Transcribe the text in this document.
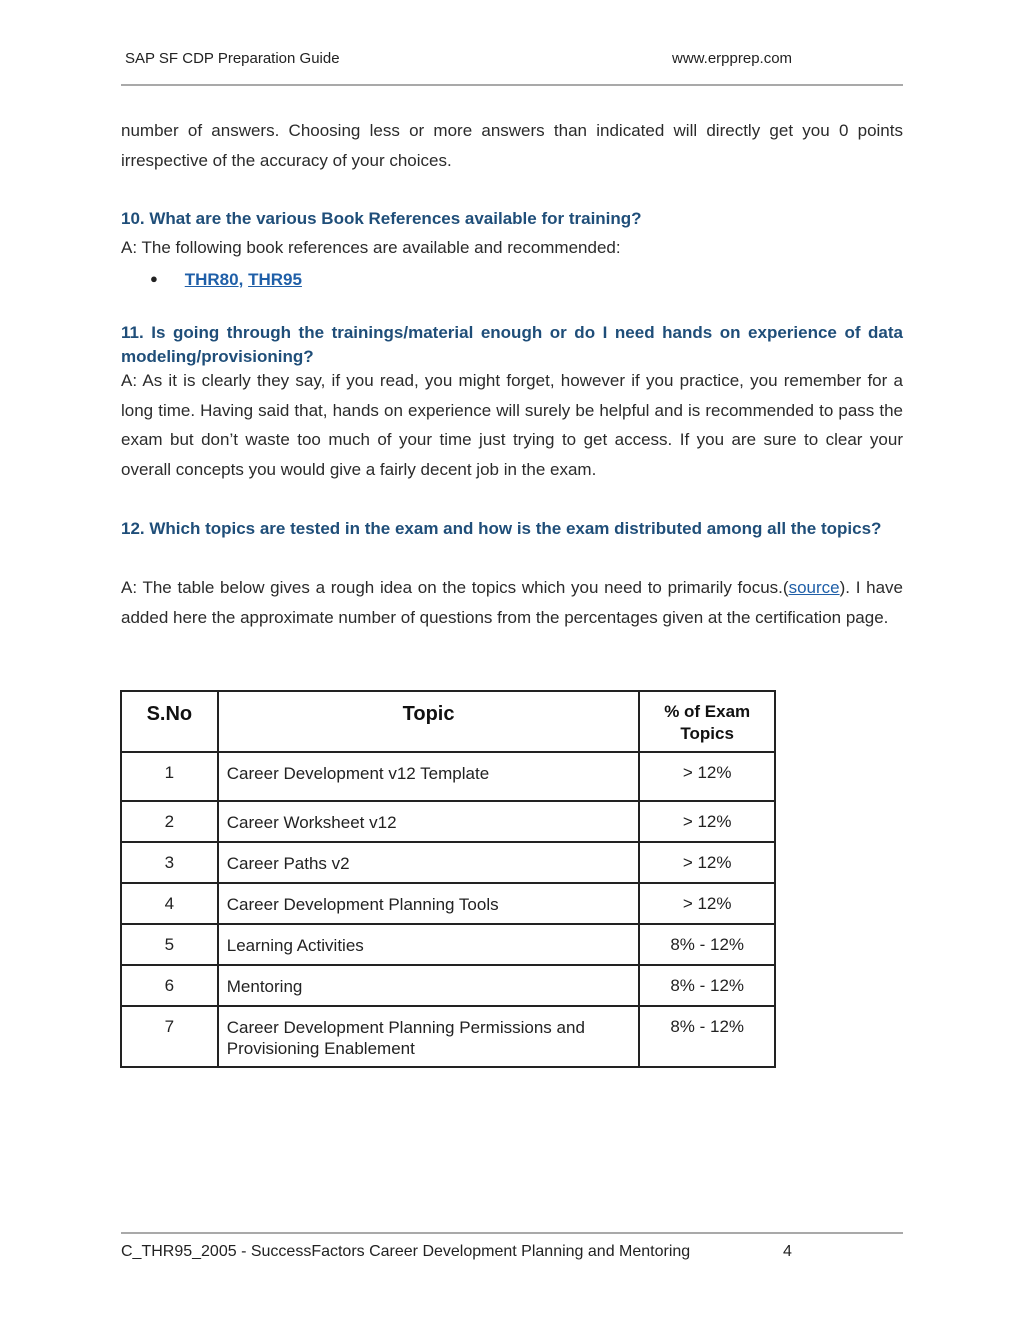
SAP SF CDP Preparation Guide	www.erpprep.com

number of answers. Choosing less or more answers than indicated will directly get you 0 points irrespective of the accuracy of your choices.

10. What are the various Book References available for training?

A: The following book references are available and recommended:

● THR80, THR95

11. Is going through the trainings/material enough or do I need hands on experience of data modeling/provisioning?

A: As it is clearly they say, if you read, you might forget, however if you practice, you remember for a long time. Having said that, hands on experience will surely be helpful and is recommended to pass the exam but don’t waste too much of your time just trying to get access. If you are sure to clear your overall concepts you would give a fairly decent job in the exam.

12. Which topics are tested in the exam and how is the exam distributed among all the topics?

A: The table below gives a rough idea on the topics which you need to primarily focus.(source). I have added here the approximate number of questions from the percentages given at the certification page.

S.No	Topic	% of Exam Topics
1	Career Development v12 Template	> 12%
2	Career Worksheet v12	> 12%
3	Career Paths v2	> 12%
4	Career Development Planning Tools	> 12%
5	Learning Activities	8% - 12%
6	Mentoring	8% - 12%
7	Career Development Planning Permissions and Provisioning Enablement	8% - 12%
C_THR95_2005 - SuccessFactors Career Development Planning and Mentoring	4
